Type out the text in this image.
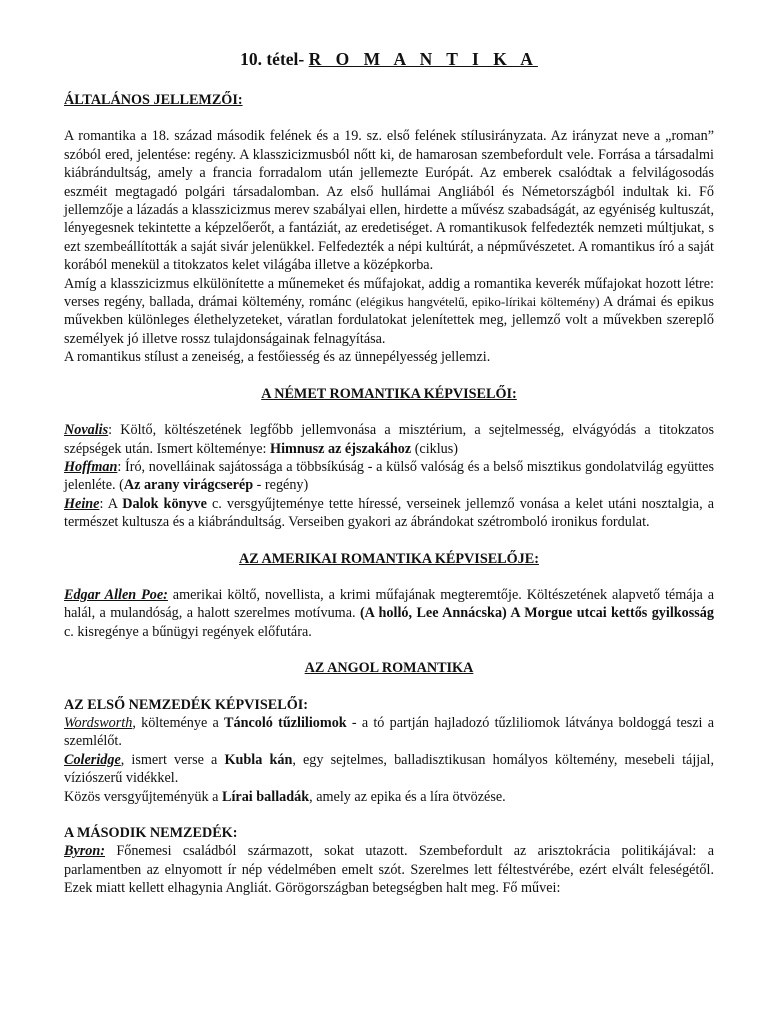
10. tétel- R O M A N T I K A
ÁLTALÁNOS JELLEMZŐI:

A romantika a 18. század második felének és a 19. sz. első felének stílusirányzata. Az irányzat neve a „roman” szóból ered, jelentése: regény. A klasszicizmusból nőtt ki, de hamarosan szembefordult vele. Forrása a társadalmi kiábrándultság, amely a francia forradalom után jellemezte Európát. Az emberek csalódtak a felvilágosodás eszméit megtagadó polgári társadalomban. Az első hullámai Angliából és Németországból indultak ki. Fő jellemzője a lázadás a klasszicizmus merev szabályai ellen, hirdette a művész szabadságát, az egyéniség kultuszát, lényegesnek tekintette a képzelőerőt, a fantáziát, az eredetiséget. A romantikusok felfedezték nemzeti múltjukat, s ezt szembeállították a saját sivár jelenükkel. Felfedezték a népi kultúrát, a népművészetet. A romantikus író a saját korából menekül a titokzatos kelet világába illetve a középkorba.

Amíg a klasszicizmus elkülönítette a műnemeket és műfajokat, addig a romantika keverék műfajokat hozott létre: verses regény, ballada, drámai költemény, románc (elégikus hangvételű, epiko-lírikai költemény) A drámai és epikus művekben különleges élethelyzeteket, váratlan fordulatokat jelenítettek meg, jellemző volt a művekben szereplő személyek jó illetve rossz tulajdonságainak felnagyítása.

A romantikus stílust a zeneiség, a festőiesség és az ünnepélyesség jellemzi.

A NÉMET ROMANTIKA KÉPVISELŐI:

Novalis: Költő, költészetének legfőbb jellemvonása a misztérium, a sejtelmesség, elvágyódás a titokzatos szépségek után. Ismert költeménye: Himnusz az éjszakához (ciklus)

Hoffman: Író, novelláinak sajátossága a többsíkúság - a külső valóság és a belső misztikus gondolatvilág együttes jelenléte. (Az arany virágcserép - regény)

Heine: A Dalok könyve c. versgyűjteménye tette híressé, verseinek jellemző vonása a kelet utáni nosztalgia, a természet kultusza és a kiábrándultság. Verseiben gyakori az ábrándokat szétromboló ironikus fordulat.

AZ AMERIKAI ROMANTIKA KÉPVISELŐJE:

Edgar Allen Poe: amerikai költő, novellista, a krimi műfajának megteremtője. Költészetének alapvető témája a halál, a mulandóság, a halott szerelmes motívuma. (A holló, Lee Annácska) A Morgue utcai kettős gyilkosság c. kisregénye a bűnügyi regények előfutára.

AZ ANGOL ROMANTIKA
AZ ELSŐ NEMZEDÉK KÉPVISELŐI:

Wordsworth, költeménye a Táncoló tűzliliomok - a tó partján hajladozó tűzliliomok látványa boldoggá teszi a szemlélőt.

Coleridge, ismert verse a Kubla kán, egy sejtelmes, balladisztikusan homályos költemény, mesebeli tájjal, víziószerű vidékkel.

Közös versgyűjteményük a Lírai balladák, amely az epika és a líra ötvözése.

A MÁSODIK NEMZEDÉK:

Byron: Főnemesi családból származott, sokat utazott. Szembefordult az arisztokrácia politikájával: a parlamentben az elnyomott ír nép védelmében emelt szót. Szerelmes lett féltestvérébe, ezért elvált feleségétől. Ezek miatt kellett elhagynia Angliát. Görögországban betegségben halt meg. Fő művei:
